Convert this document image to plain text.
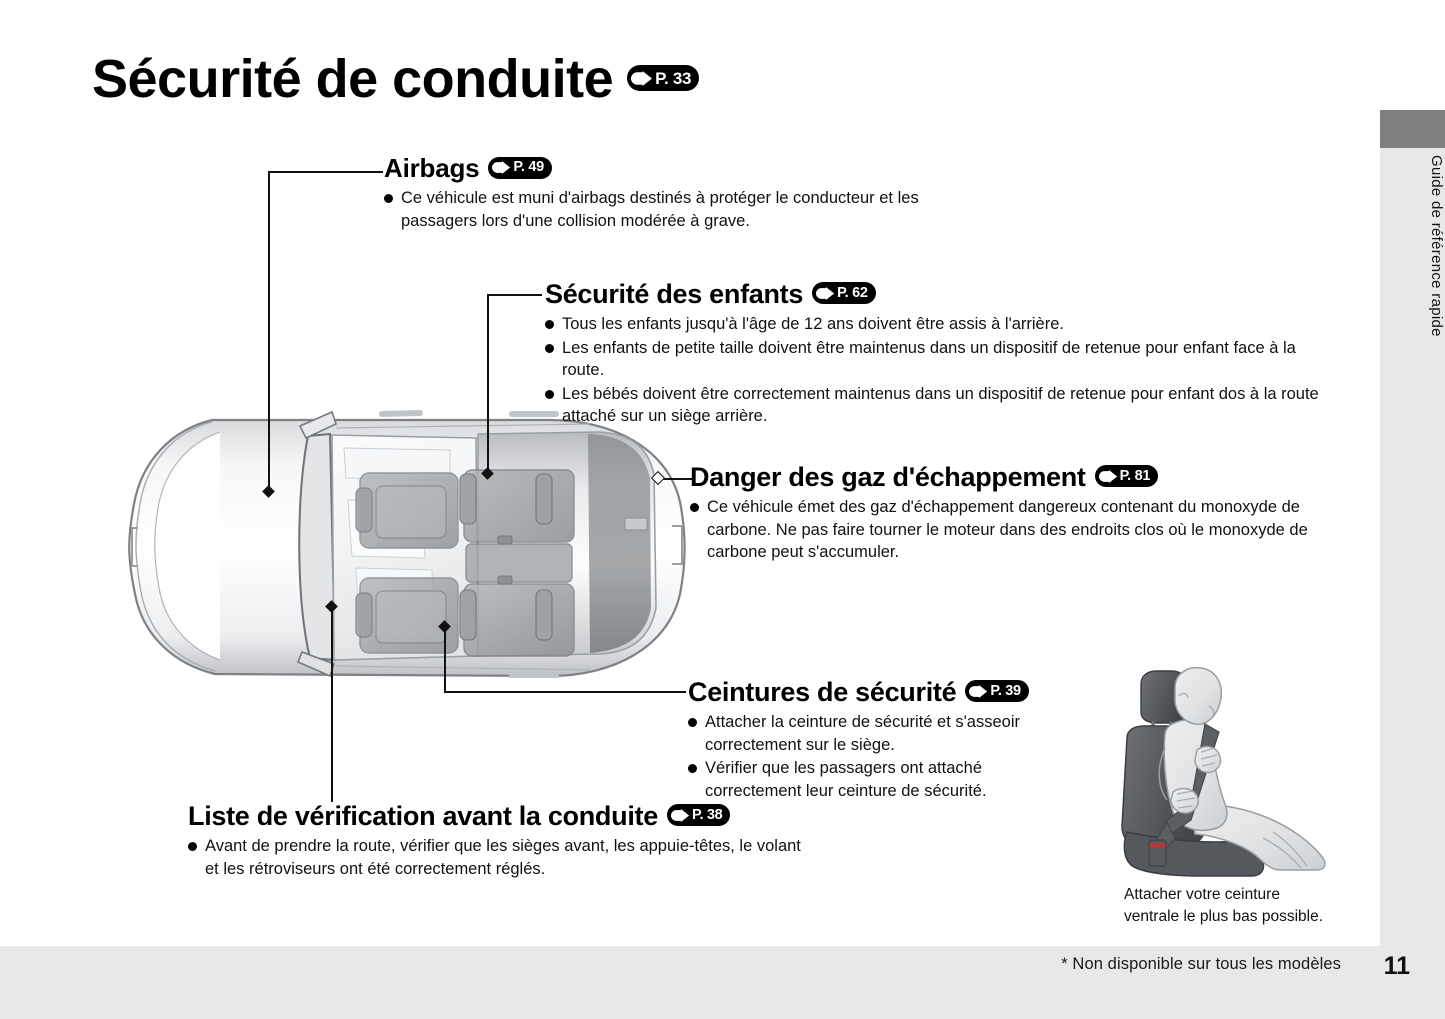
Sécurité de conduite P. 33
Airbags P. 49
Ce véhicule est muni d'airbags destinés à protéger le conducteur et les passagers lors d'une collision modérée à grave.
Sécurité des enfants P. 62
Tous les enfants jusqu'à l'âge de 12 ans doivent être assis à l'arrière.
Les enfants de petite taille doivent être maintenus dans un dispositif de retenue pour enfant face à la route.
Les bébés doivent être correctement maintenus dans un dispositif de retenue pour enfant dos à la route attaché sur un siège arrière.
Danger des gaz d'échappement P. 81
Ce véhicule émet des gaz d'échappement dangereux contenant du monoxyde de carbone. Ne pas faire tourner le moteur dans des endroits clos où le monoxyde de carbone peut s'accumuler.
Ceintures de sécurité P. 39
Attacher la ceinture de sécurité et s'asseoir correctement sur le siège.
Vérifier que les passagers ont attaché correctement leur ceinture de sécurité.
Liste de vérification avant la conduite P. 38
Avant de prendre la route, vérifier que les sièges avant, les appuie-têtes, le volant et les rétroviseurs ont été correctement réglés.
Attacher votre ceinture
ventrale le plus bas possible.
Guide de référence rapide
* Non disponible sur tous les modèles 11
